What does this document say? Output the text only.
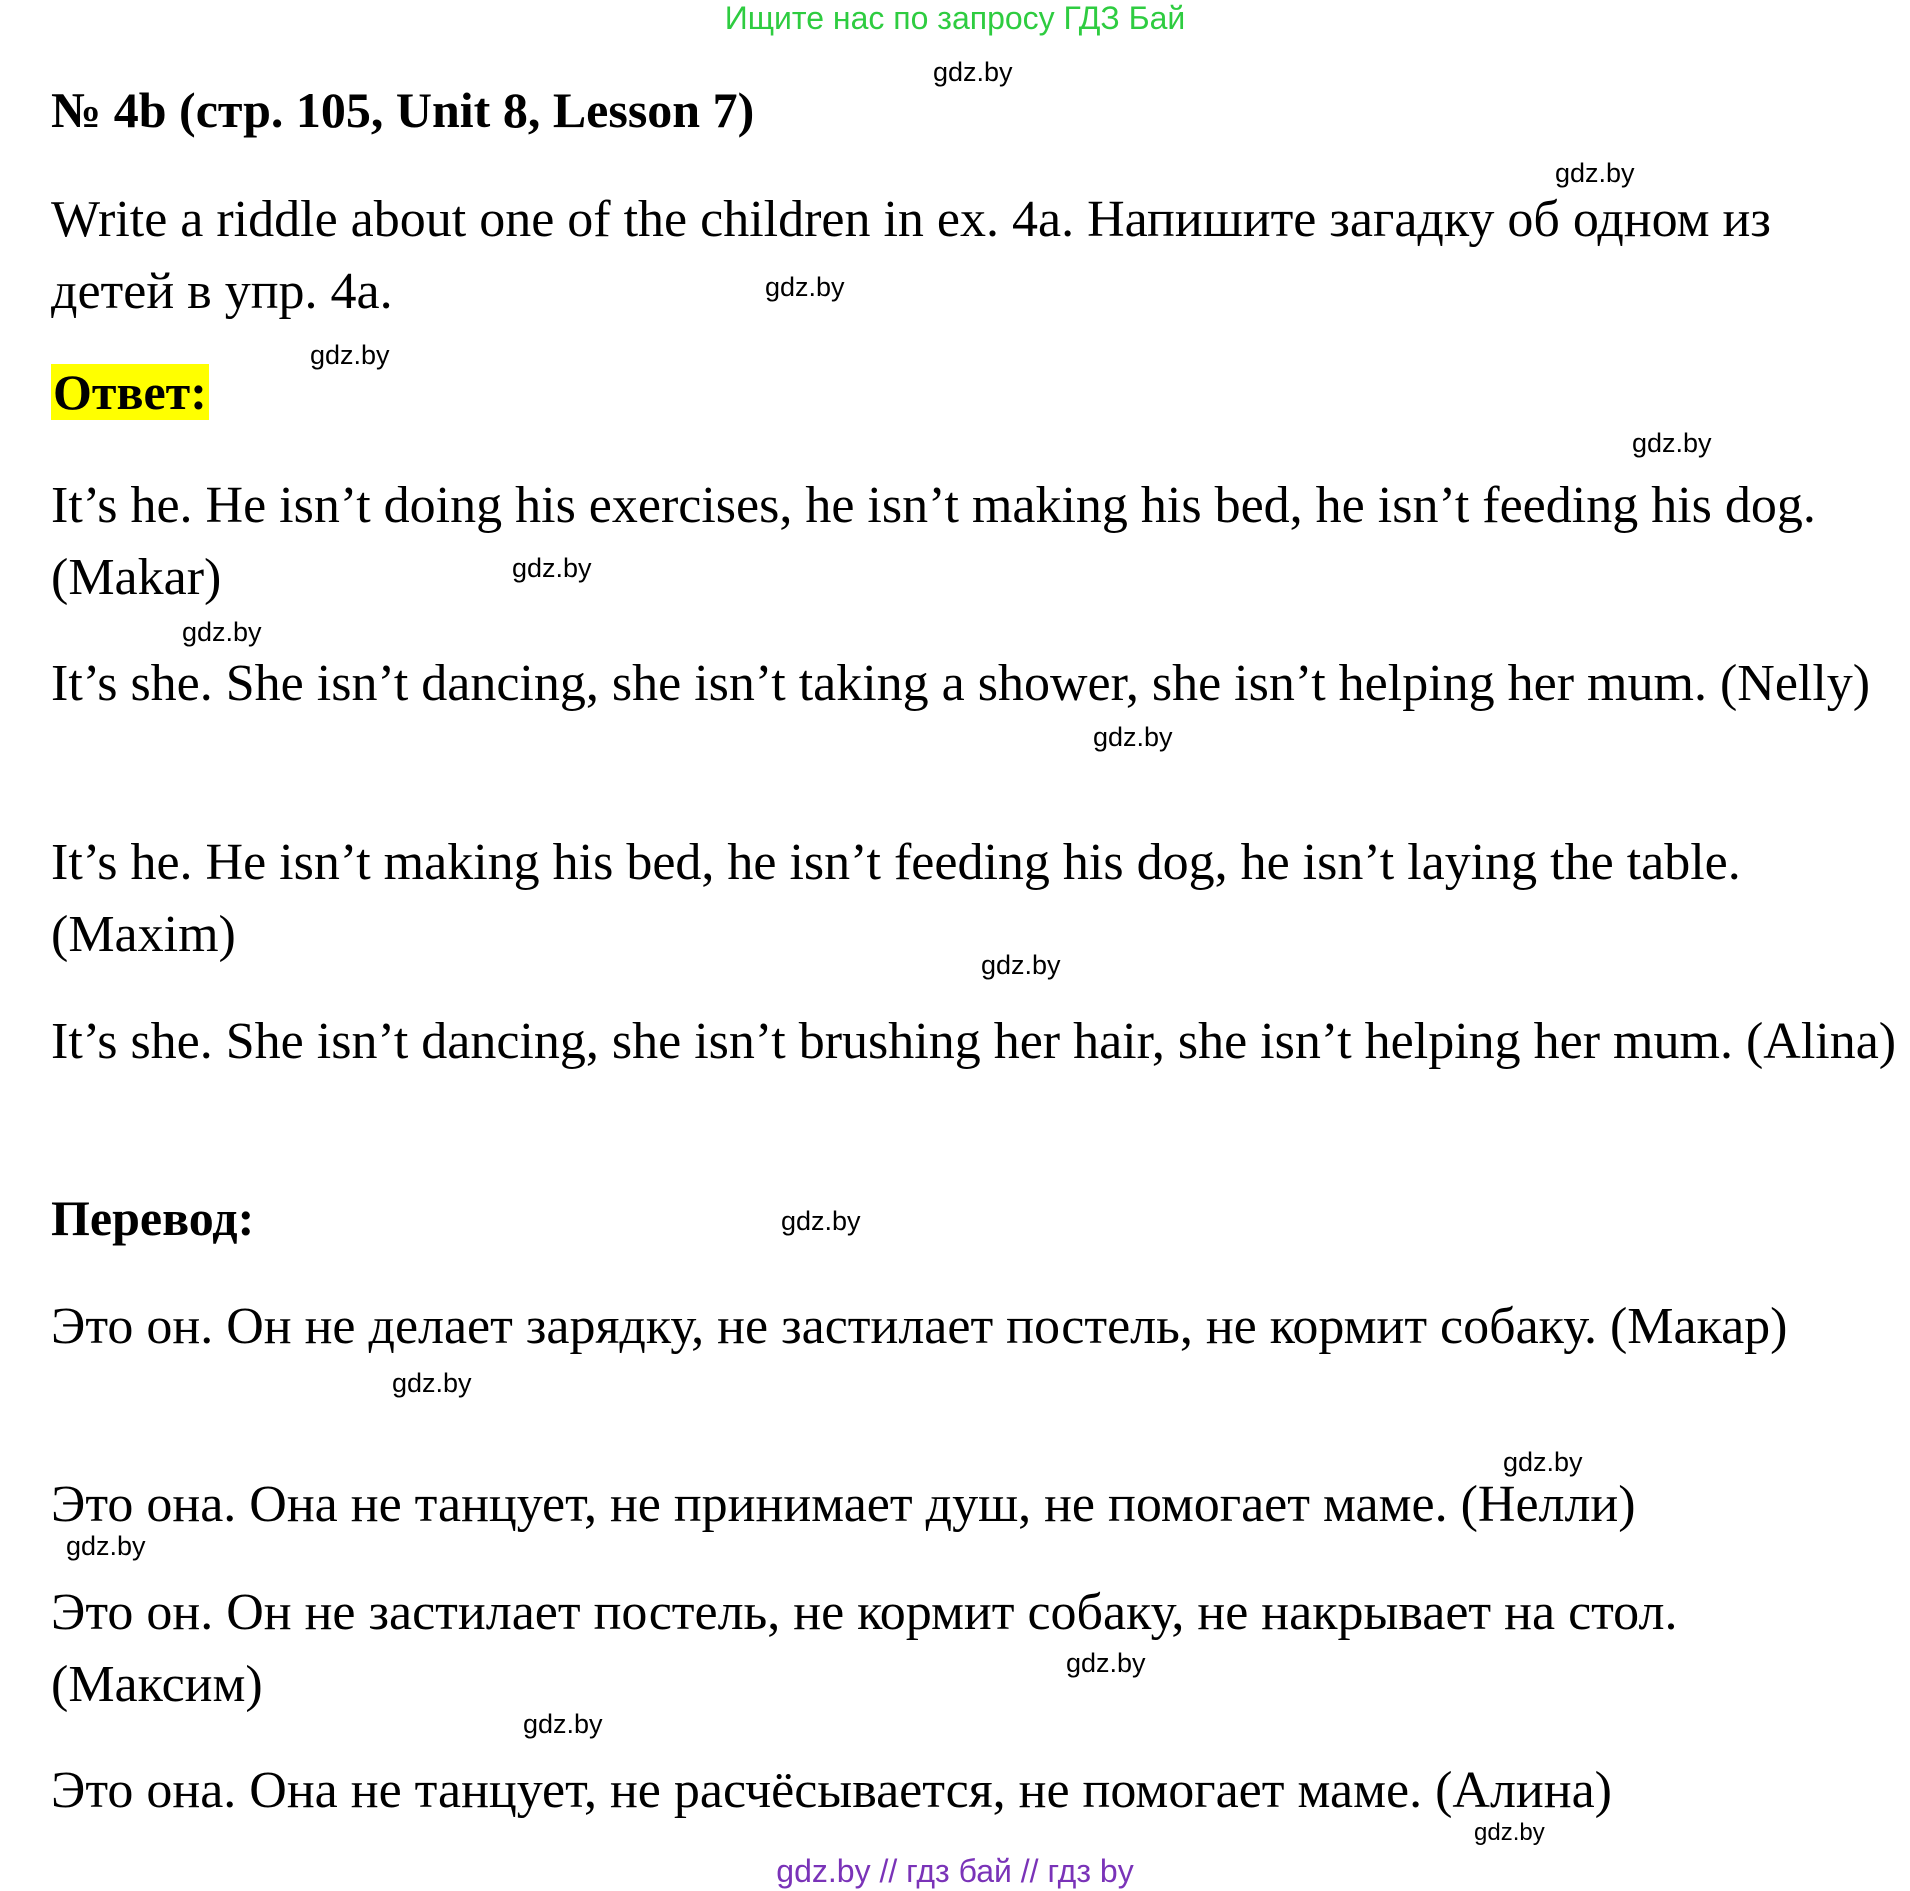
Ищите нас по запросу ГДЗ Бай
№ 4b (стр. 105, Unit 8, Lesson 7)
Write a riddle about one of the children in ex. 4a. Напишите загадку об одном из детей в упр. 4a.
Ответ:
It’s he. He isn’t doing his exercises, he isn’t making his bed, he isn’t feeding his dog. (Makar)
It’s she. She isn’t dancing, she isn’t taking a shower, she isn’t helping her mum. (Nelly)
It’s he. He isn’t making his bed, he isn’t feeding his dog, he isn’t laying the table. (Maxim)
It’s she. She isn’t dancing, she isn’t brushing her hair, she isn’t helping her mum. (Alina)
Перевод:
Это он. Он не делает зарядку, не застилает постель, не кормит собаку. (Макар)
Это она. Она не танцует, не принимает душ, не помогает маме. (Нелли)
Это он. Он не застилает постель, не кормит собаку, не накрывает на стол. (Максим)
Это она. Она не танцует, не расчёсывается, не помогает маме. (Алина)
gdz.by
gdz.by
gdz.by
gdz.by
gdz.by
gdz.by
gdz.by
gdz.by
gdz.by
gdz.by
gdz.by
gdz.by
gdz.by
gdz.by
gdz.by
gdz.by
gdz.by // гдз бай // гдз by
